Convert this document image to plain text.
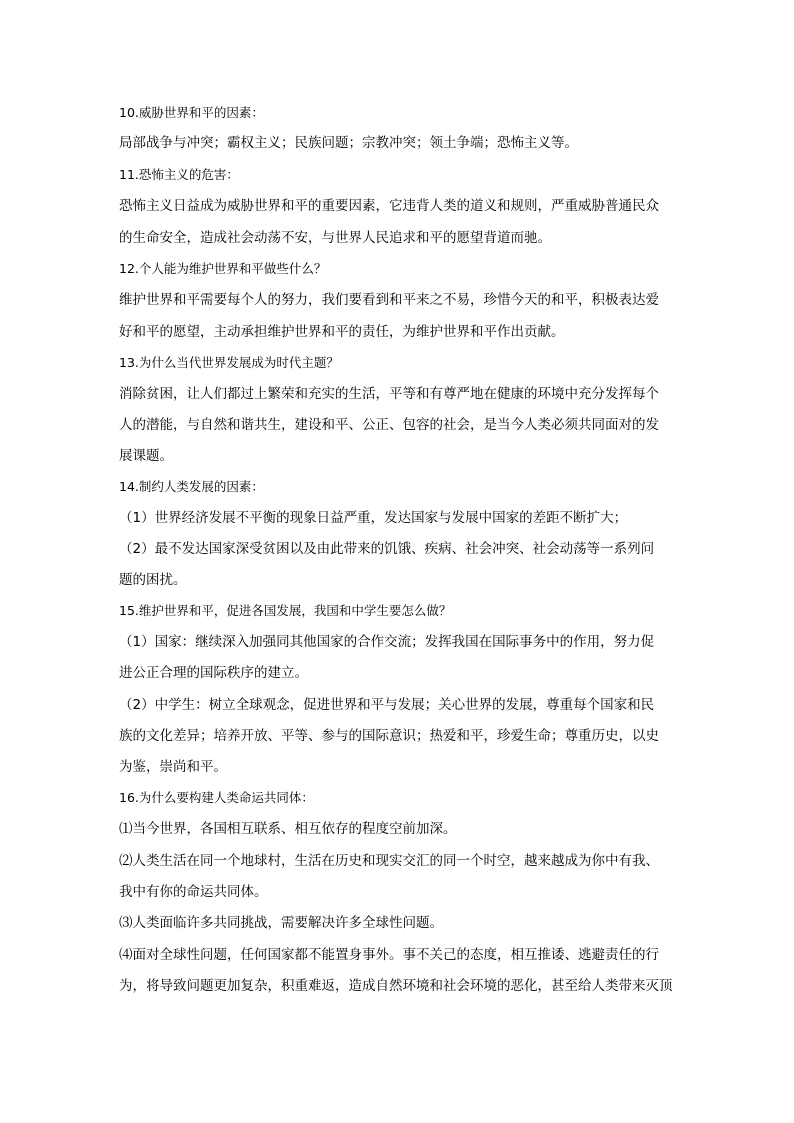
10.威胁世界和平的因素：
局部战争与冲突；霸权主义；民族问题；宗教冲突；领土争端；恐怖主义等。
11.恐怖主义的危害：
恐怖主义日益成为威胁世界和平的重要因素，它违背人类的道义和规则，严重威胁普通民众
的生命安全，造成社会动荡不安，与世界人民追求和平的愿望背道而驰。
12.个人能为维护世界和平做些什么？
维护世界和平需要每个人的努力，我们要看到和平来之不易，珍惜今天的和平，积极表达爱
好和平的愿望，主动承担维护世界和平的责任，为维护世界和平作出贡献。
13.为什么当代世界发展成为时代主题？
消除贫困，让人们都过上繁荣和充实的生活，平等和有尊严地在健康的环境中充分发挥每个
人的潜能，与自然和谐共生，建设和平、公正、包容的社会，是当今人类必须共同面对的发
展课题。
14.制约人类发展的因素：
（1）世界经济发展不平衡的现象日益严重，发达国家与发展中国家的差距不断扩大；
（2）最不发达国家深受贫困以及由此带来的饥饿、疾病、社会冲突、社会动荡等一系列问
题的困扰。
15.维护世界和平，促进各国发展，我国和中学生要怎么做？
（1）国家：继续深入加强同其他国家的合作交流；发挥我国在国际事务中的作用，努力促
进公正合理的国际秩序的建立。
（2）中学生：树立全球观念，促进世界和平与发展；关心世界的发展，尊重每个国家和民
族的文化差异；培养开放、平等、参与的国际意识；热爱和平，珍爱生命；尊重历史，以史
为鉴，崇尚和平。
16.为什么要构建人类命运共同体：
⑴当今世界，各国相互联系、相互依存的程度空前加深。
⑵人类生活在同一个地球村，生活在历史和现实交汇的同一个时空，越来越成为你中有我、
我中有你的命运共同体。
⑶人类面临许多共同挑战，需要解决许多全球性问题。
⑷面对全球性问题，任何国家都不能置身事外。事不关己的态度，相互推诿、逃避责任的行
为，将导致问题更加复杂，积重难返，造成自然环境和社会环境的恶化，甚至给人类带来灭顶
